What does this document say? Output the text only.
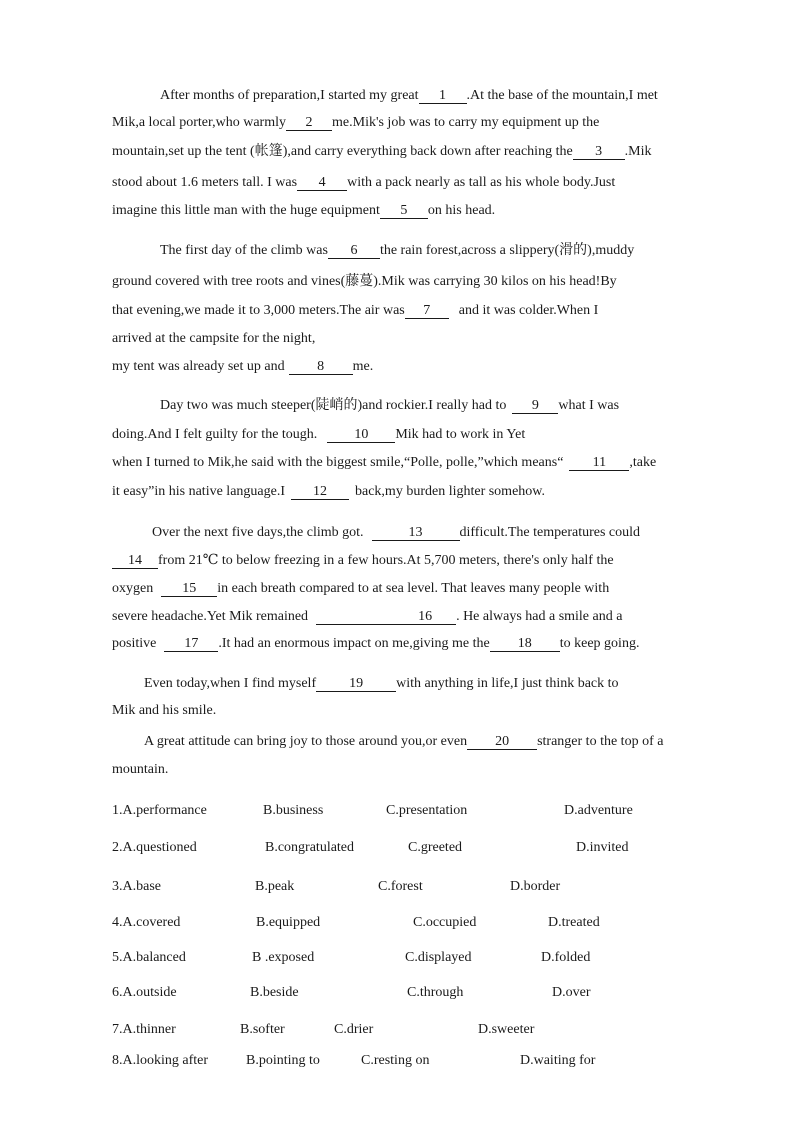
After months of preparation,I started my great 1 .At the base of the mountain,I met
Mik,a local porter,who warmly 2 me.Mik's job was to carry my equipment up the
mountain,set up the tent (帐篷),and carry everything back down after reaching the 3 .Mik
stood about 1.6 meters tall. I was 4 with a pack nearly as tall as his whole body.Just
imagine this little man with the huge equipment 5 on his head.
The first day of the climb was 6 the rain forest,across a slippery(滑的),muddy
ground covered with tree roots and vines(藤蔓).Mik was carrying 30 kilos on his head!By
that evening,we made it to 3,000 meters.The air was 7 and it was colder.When I
arrived at the campsite for the night,
my tent was already set up and 8 me.
Day two was much steeper(陡峭的)and rockier.I really had to 9 what I was
doing.And I felt guilty for the tough.	10 Mik had to work in Yet
when I turned to Mik,he said with the biggest smile,“Polle, polle,”which means“ 11 ,take
it easy”in his native language.I 12 back,my burden lighter somehow.
Over the next five days,the climb got.	13	difficult.The temperatures could
14 from 21℃ to below freezing in a few hours.At 5,700 meters, there's only half the
oxygen 15 in each breath compared to at sea level. That leaves many people with
severe headache.Yet Mik remained	16 . He always had a smile and a
positive 17 .It had an enormous impact on me,giving me the 18 to keep going.
Even today,when I find myself 19 with anything in life,I just think back to
Mik and his smile.
A great attitude can bring joy to those around you,or even 20 stranger to the top of a
mountain.
1.A.performance	B.business	C.presentation	D.adventure
2.A.questioned	B.congratulated	C.greeted	D.invited
3.A.base	B.peak	C.forest	D.border
4.A.covered	B.equipped	C.occupied	D.treated
5.A.balanced	B .exposed	C.displayed	D.folded
6.A.outside	B.beside	C.through	D.over
7.A.thinner	B.softer	C.drier	D.sweeter
8.A.looking after	B.pointing to	C.resting on	D.waiting for
